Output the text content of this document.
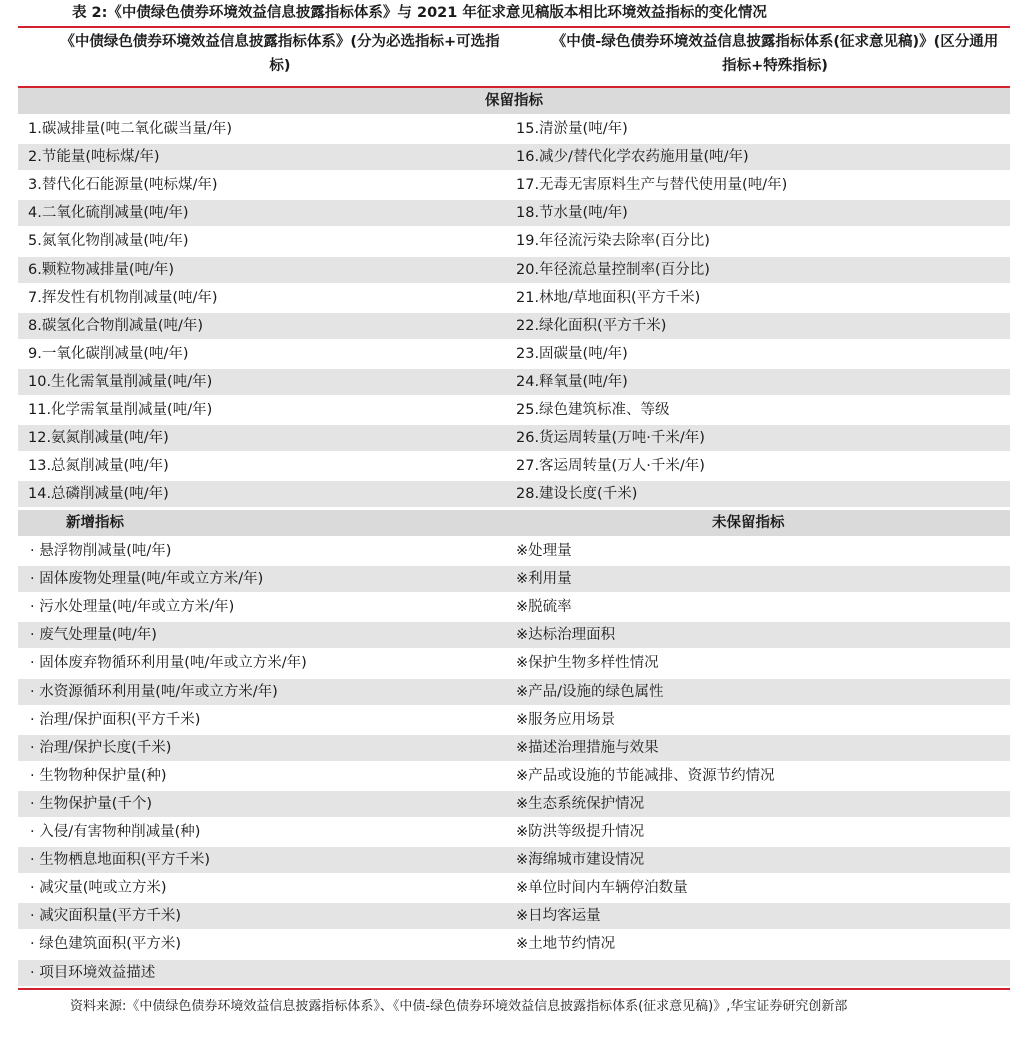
表 2:《中债绿色债券环境效益信息披露指标体系》与 2021 年征求意见稿版本相比环境效益指标的变化情况
《中债绿色债券环境效益信息披露指标体系》(分为必选指标+可选指标)
《中债-绿色债券环境效益信息披露指标体系(征求意见稿)》(区分通用指标+特殊指标)
保留指标
1.碳减排量(吨二氧化碳当量/年)	15.清淤量(吨/年)
2.节能量(吨标煤/年)	16.减少/替代化学农药施用量(吨/年)
3.替代化石能源量(吨标煤/年)	17.无毒无害原料生产与替代使用量(吨/年)
4.二氧化硫削减量(吨/年)	18.节水量(吨/年)
5.氮氧化物削减量(吨/年)	19.年径流污染去除率(百分比)
6.颗粒物减排量(吨/年)	20.年径流总量控制率(百分比)
7.挥发性有机物削减量(吨/年)	21.林地/草地面积(平方千米)
8.碳氢化合物削减量(吨/年)	22.绿化面积(平方千米)
9.一氧化碳削减量(吨/年)	23.固碳量(吨/年)
10.生化需氧量削减量(吨/年)	24.释氧量(吨/年)
11.化学需氧量削减量(吨/年)	25.绿色建筑标准、等级
12.氨氮削减量(吨/年)	26.货运周转量(万吨·千米/年)
13.总氮削减量(吨/年)	27.客运周转量(万人·千米/年)
14.总磷削减量(吨/年)	28.建设长度(千米)
新增指标	未保留指标
· 悬浮物削减量(吨/年)	※处理量
· 固体废物处理量(吨/年或立方米/年)	※利用量
· 污水处理量(吨/年或立方米/年)	※脱硫率
· 废气处理量(吨/年)	※达标治理面积
· 固体废弃物循环利用量(吨/年或立方米/年)	※保护生物多样性情况
· 水资源循环利用量(吨/年或立方米/年)	※产品/设施的绿色属性
· 治理/保护面积(平方千米)	※服务应用场景
· 治理/保护长度(千米)	※描述治理措施与效果
· 生物物种保护量(种)	※产品或设施的节能减排、资源节约情况
· 生物保护量(千个)	※生态系统保护情况
· 入侵/有害物种削减量(种)	※防洪等级提升情况
· 生物栖息地面积(平方千米)	※海绵城市建设情况
· 减灾量(吨或立方米)	※单位时间内车辆停泊数量
· 减灾面积量(平方千米)	※日均客运量
· 绿色建筑面积(平方米)	※土地节约情况
· 项目环境效益描述
资料来源:《中债绿色债券环境效益信息披露指标体系》、《中债-绿色债券环境效益信息披露指标体系(征求意见稿)》,华宝证券研究创新部
